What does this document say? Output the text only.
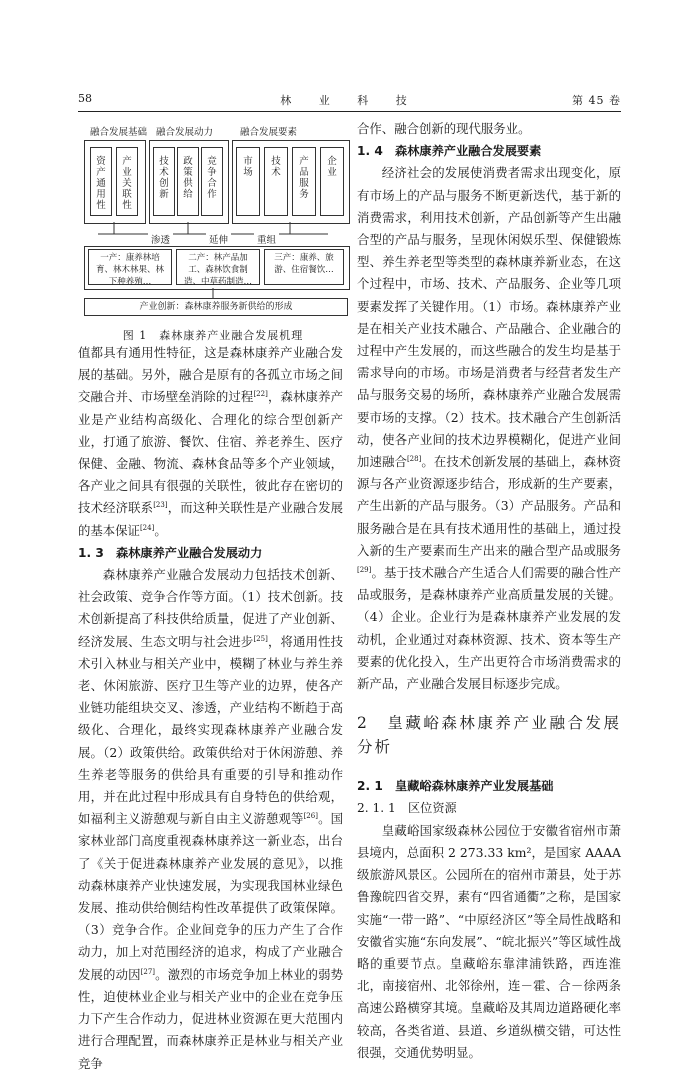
58	林 业 科 技	第 45 卷
融合发展基础 融合发展动力	融合发展要素
资
产
通
用
性
产
业
关
联
性
技
术
创
新
政
策
供
给
竞
争
合
作
市
场
技
术
产
品
服
务
企
业
渗透	延伸	重组
一产：康养林培育、林木林果、林下种养殖…
二产：林产品加工、森林饮食制造、中草药制造…
三产：康养、旅游、住宿餐饮…
产业创新：森林康养服务新供给的形成
图 1　森林康养产业融合发展机理

值都具有通用性特征，这是森林康养产业融合发展的基础。另外，融合是原有的各孤立市场之间交融合并、市场壁垒消除的过程[22]，森林康养产业是产业结构高级化、合理化的综合型创新产业，打通了旅游、餐饮、住宿、养老养生、医疗保健、金融、物流、森林食品等多个产业领域，各产业之间具有很强的关联性，彼此存在密切的技术经济联系[23]，而这种关联性是产业融合发展的基本保证[24]。

1. 3　森林康养产业融合发展动力

森林康养产业融合发展动力包括技术创新、社会政策、竞争合作等方面。（1）技术创新。技术创新提高了科技供给质量，促进了产业创新、经济发展、生态文明与社会进步[25]，将通用性技术引入林业与相关产业中，模糊了林业与养生养老、休闲旅游、医疗卫生等产业的边界，使各产业链功能组块交叉、渗透，产业结构不断趋于高级化、合理化，最终实现森林康养产业融合发展。（2）政策供给。政策供给对于休闲游憩、养生养老等服务的供给具有重要的引导和推动作用，并在此过程中形成具有自身特色的供给观，如福利主义游憩观与新自由主义游憩观等[26]。国家林业部门高度重视森林康养这一新业态，出台了《关于促进森林康养产业发展的意见》，以推动森林康养产业快速发展，为实现我国林业绿色发展、推动供给侧结构性改革提供了政策保障。（3）竞争合作。企业间竞争的压力产生了合作动力，加上对范围经济的追求，构成了产业融合发展的动因[27]。激烈的市场竞争加上林业的弱势性，迫使林业企业与相关产业中的企业在竞争压力下产生合作动力，促进林业资源在更大范围内进行合理配置，而森林康养正是林业与相关产业竞争

合作、融合创新的现代服务业。

1. 4　森林康养产业融合发展要素

经济社会的发展使消费者需求出现变化，原有市场上的产品与服务不断更新迭代，基于新的消费需求，利用技术创新，产品创新等产生出融合型的产品与服务，呈现休闲娱乐型、保健锻炼型、养生养老型等类型的森林康养新业态，在这个过程中，市场、技术、产品服务、企业等几项要素发挥了关键作用。（1）市场。森林康养产业是在相关产业技术融合、产品融合、企业融合的过程中产生发展的，而这些融合的发生均是基于需求导向的市场。市场是消费者与经营者发生产品与服务交易的场所，森林康养产业融合发展需要市场的支撑。（2）技术。技术融合产生创新活动，使各产业间的技术边界模糊化，促进产业间加速融合[28]。在技术创新发展的基础上，森林资源与各产业资源逐步结合，形成新的生产要素，产生出新的产品与服务。（3）产品服务。产品和服务融合是在具有技术通用性的基础上，通过投入新的生产要素而生产出来的融合型产品或服务[29]。基于技术融合产生适合人们需要的融合性产品或服务，是森林康养产业高质量发展的关键。（4）企业。企业行为是森林康养产业发展的发动机，企业通过对森林资源、技术、资本等生产要素的优化投入，生产出更符合市场消费需求的新产品，产业融合发展目标逐步完成。

2　皇藏峪森林康养产业融合发展分析
2. 1　皇藏峪森林康养产业发展基础
2. 1. 1　区位资源

皇藏峪国家级森林公园位于安徽省宿州市萧县境内，总面积 2 273.33 km²，是国家 AAAA 级旅游风景区。公园所在的宿州市萧县，处于苏鲁豫皖四省交界，素有“四省通衢”之称，是国家实施“一带一路”、“中原经济区”等全局性战略和安徽省实施“东向发展”、“皖北振兴”等区域性战略的重要节点。皇藏峪东靠津浦铁路，西连淮北，南接宿州、北邻徐州，连－霍、合－徐两条高速公路横穿其境。皇藏峪及其周边道路硬化率较高，各类省道、县道、乡道纵横交错，可达性很强，交通优势明显。
